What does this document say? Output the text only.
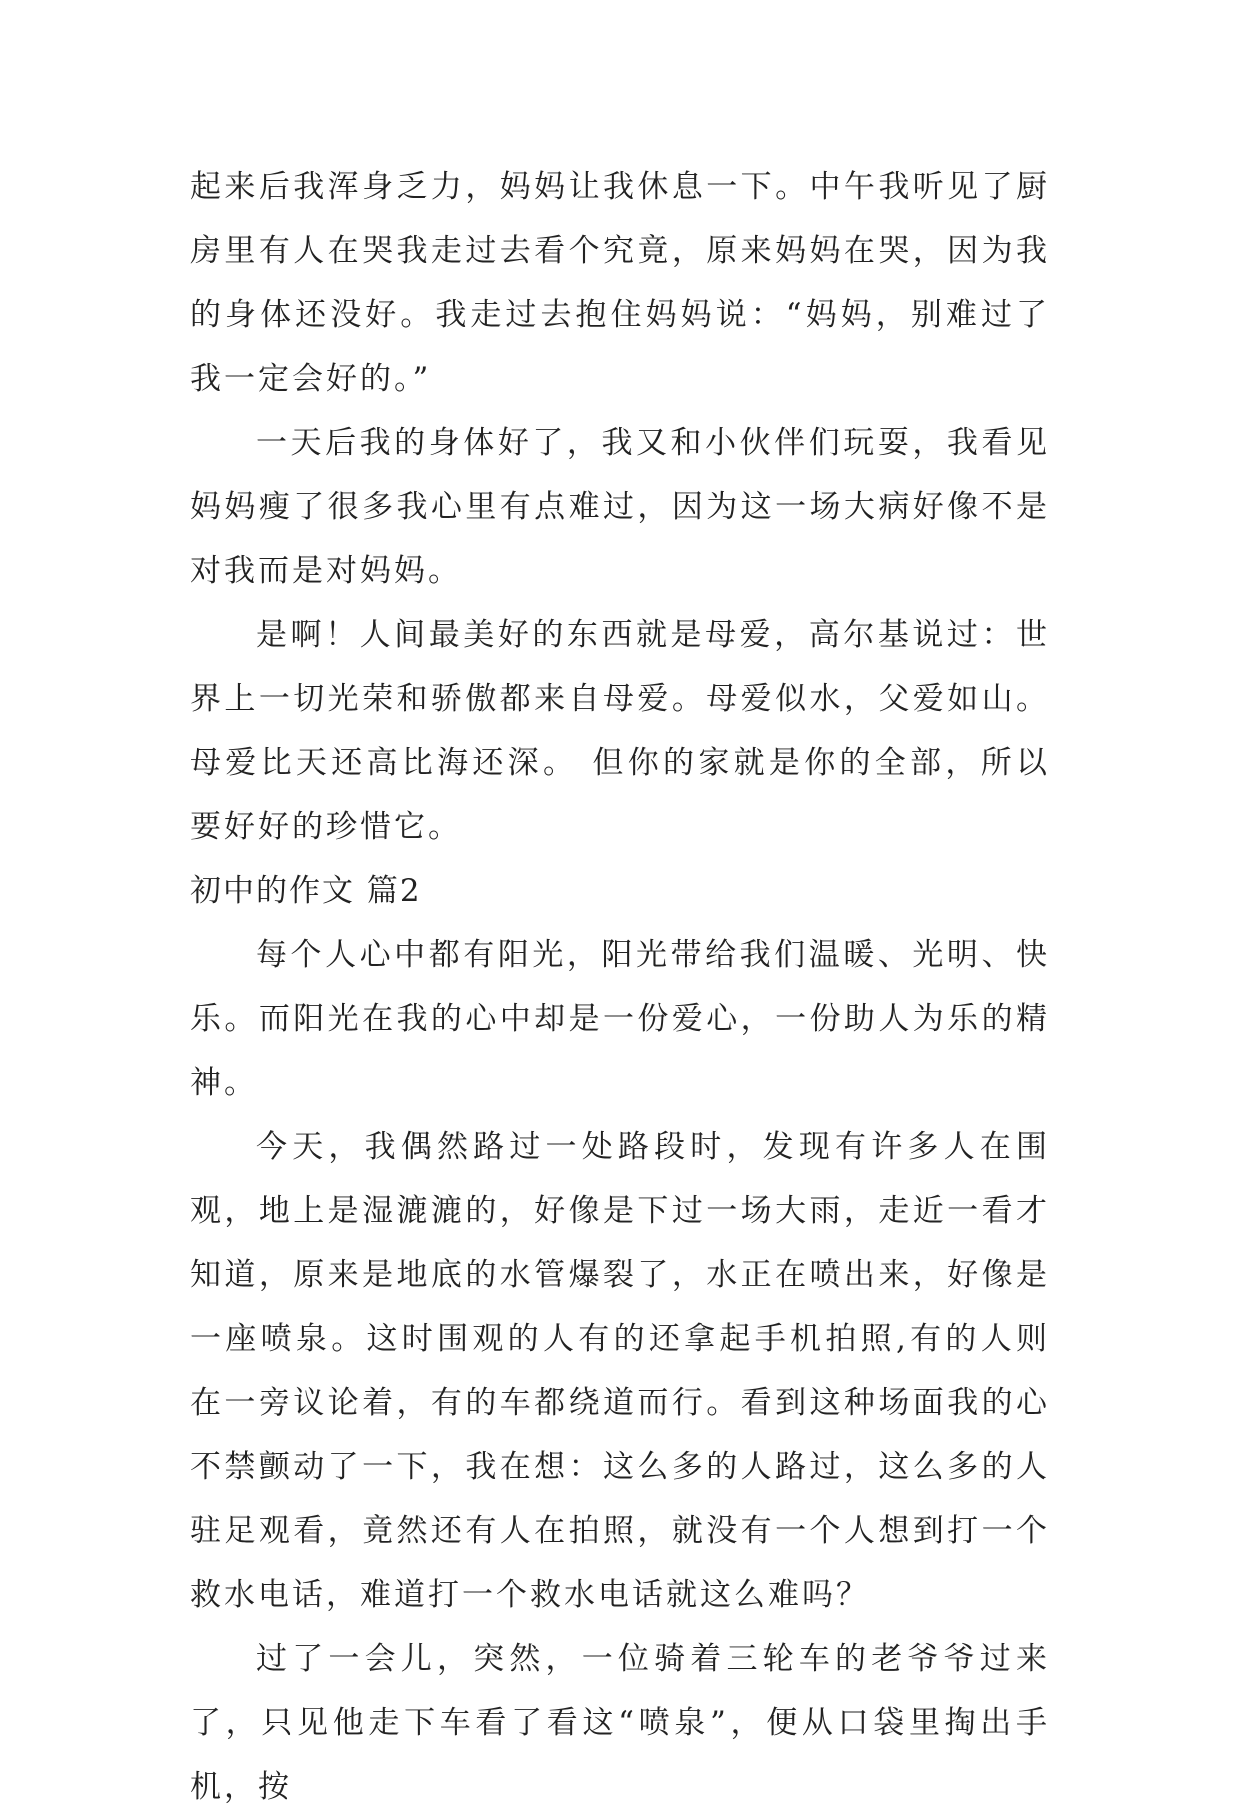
起来后我浑身乏力，妈妈让我休息一下。中午我听见了厨房里有人在哭我走过去看个究竟，原来妈妈在哭，因为我的身体还没好。我走过去抱住妈妈说：“妈妈，别难过了我一定会好的。”

一天后我的身体好了，我又和小伙伴们玩耍，我看见妈妈瘦了很多我心里有点难过，因为这一场大病好像不是对我而是对妈妈。

是啊！人间最美好的东西就是母爱，高尔基说过：世界上一切光荣和骄傲都来自母爱。母爱似水，父爱如山。母爱比天还高比海还深。 但你的家就是你的全部，所以要好好的珍惜它。

初中的作文 篇2

每个人心中都有阳光，阳光带给我们温暖、光明、快乐。而阳光在我的心中却是一份爱心，一份助人为乐的精神。

今天，我偶然路过一处路段时，发现有许多人在围观，地上是湿漉漉的，好像是下过一场大雨，走近一看才知道，原来是地底的水管爆裂了，水正在喷出来，好像是一座喷泉。这时围观的人有的还拿起手机拍照,有的人则在一旁议论着，有的车都绕道而行。看到这种场面我的心不禁颤动了一下，我在想：这么多的人路过，这么多的人驻足观看，竟然还有人在拍照，就没有一个人想到打一个救水电话，难道打一个救水电话就这么难吗？

过了一会儿，突然，一位骑着三轮车的老爷爷过来了，只见他走下车看了看这“喷泉”，便从口袋里掏出手机，按
